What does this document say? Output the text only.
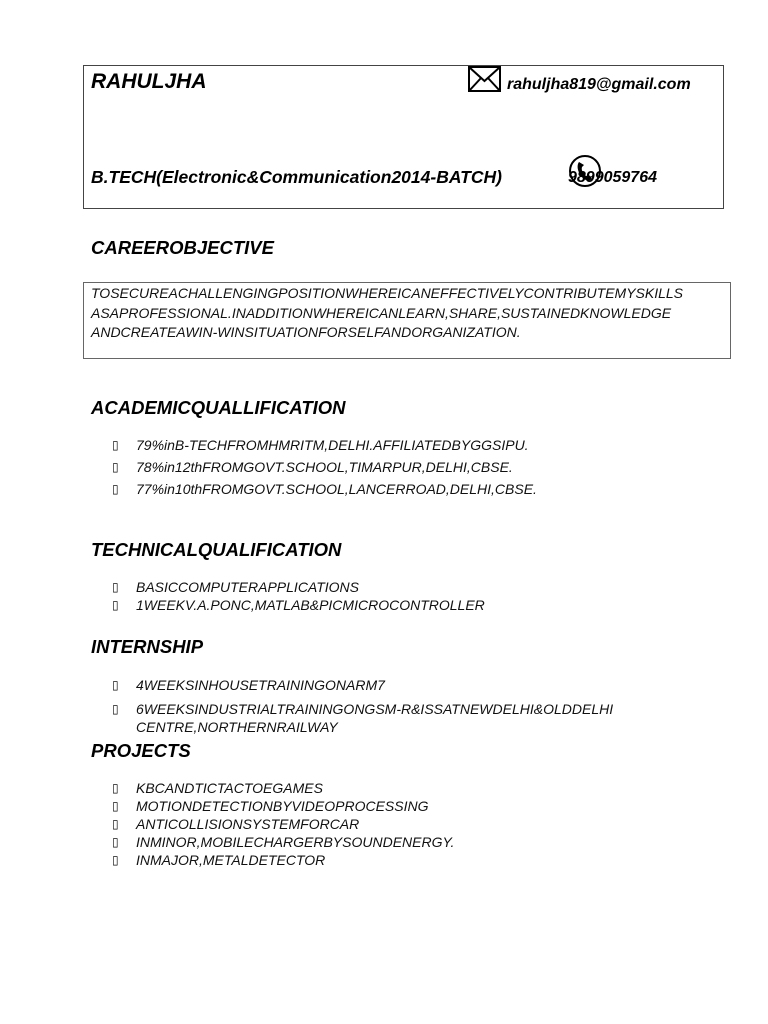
RAHULJHA	rahuljha819@gmail.com
B.TECH(Electronic&Communication2014-BATCH)	9899059764
CAREEROBJECTIVE
TOSECUREACHALLENGINGPOSITIONWHEREICANEFFECTIVELYCONTRIBUTEMYSKILLS
ASAPROFESSIONAL.INADDITIONWHEREICANLEARN,SHARE,SUSTAINEDKNOWLEDGE
ANDCREATEAWIN-WINSITUATIONFORSELFANDORGANIZATION.
ACADEMICQUALLIFICATION
▯ 79%inB-TECHFROMHMRITM,DELHI.AFFILIATEDBYGGSIPU.
▯ 78%in12thFROMGOVT.SCHOOL,TIMARPUR,DELHI,CBSE.
▯ 77%in10thFROMGOVT.SCHOOL,LANCERROAD,DELHI,CBSE.
TECHNICALQUALIFICATION
▯ BASICCOMPUTERAPPLICATIONS
▯ 1WEEKV.A.PONC,MATLAB&PICMICROCONTROLLER
INTERNSHIP
▯ 4WEEKSINHOUSETRAININGONARM7
▯ 6WEEKSINDUSTRIALTRAININGONGSM-R&ISSATNEWDELHI&OLDDELHI
CENTRE,NORTHERNRAILWAY
PROJECTS
▯ KBCANDTICTACTOEGAMES
▯ MOTIONDETECTIONBYVIDEOPROCESSING
▯ ANTICOLLISIONSYSTEMFORCAR
▯ INMINOR,MOBILECHARGERBYSOUNDENERGY.
▯ INMAJOR,METALDETECTOR
